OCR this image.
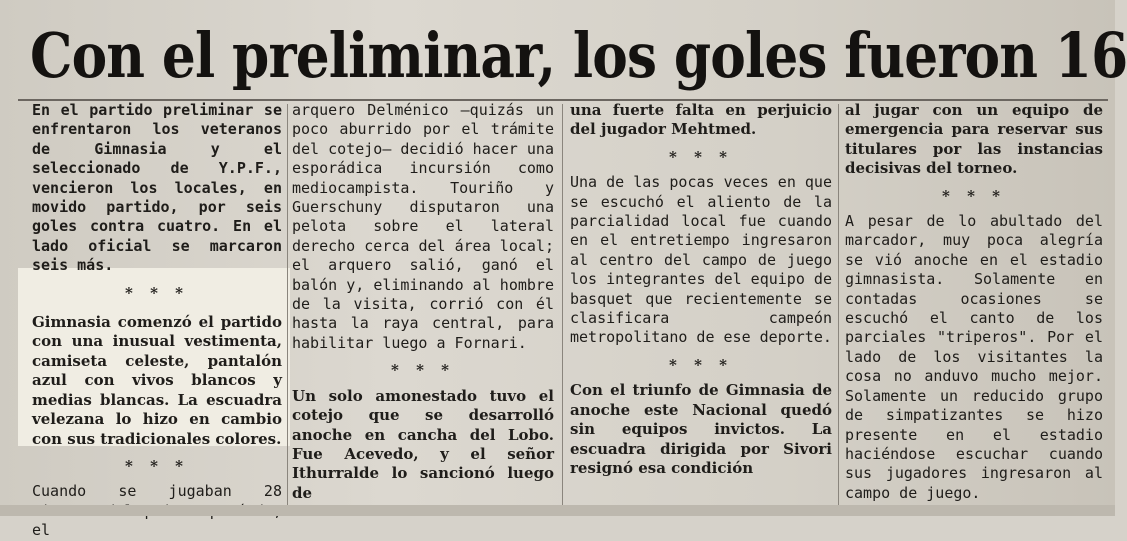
Con el preliminar, los goles fueron 16

En el partido preliminar se enfrentaron los veteranos de Gimnasia y el seleccionado de Y.P.F., vencieron los locales, en movido partido, por seis goles contra cuatro. En el lado oficial se marcaron seis más.

* * *

Gimnasia comenzó el partido con una inusual vestimenta, camiseta celeste, pantalón azul con vivos blancos y medias blancas. La escuadra velezana lo hizo en cambio con sus tradicionales colores.

* * *

Cuando se jugaban 28 el

arquero Delménico —quizás un poco aburrido por el trámite del cotejo— decidió hacer una esporádica incursión como mediocampista. Touriño y Guerschuny disputaron una pelota sobre el lateral derecho cerca del área local; el arquero salió, ganó el balón y, eliminando al hombre de la visita, corrió con él hasta la raya central, para habilitar luego a Fornari.

* * *

Un solo amonestado tuvo el cotejo que se desarrolló anoche en cancha del Lobo. Fue Acevedo, y el señor Ithurralde lo sancionó luego de

una fuerte falta en perjuicio del jugador Mehtmed.

* * *

Una de las pocas veces en que se escuchó el aliento de la parcialidad local fue cuando en el entretiempo ingresaron al centro del campo de juego los integrantes del equipo de basquet que recientemente se clasificara campeón metropolitano de ese deporte.

* * *

Con el triunfo de Gimnasia de anoche este Nacional quedó sin equipos invictos. La escuadra dirigida por Sivori resignó esa condición

al jugar con un equipo de emergencia para reservar sus titulares por las instancias decisivas del torneo.

* * *

A pesar de lo abultado del marcador, muy poca alegría se vió anoche en el estadio gimnasista. Solamente en contadas ocasiones se escuchó el canto de los parciales "triperos". Por el lado de los visitantes la cosa no anduvo mucho mejor. Solamente un reducido grupo de simpatizantes se hizo presente en el estadio haciéndose escuchar cuando sus jugadores ingresaron al campo de juego.
